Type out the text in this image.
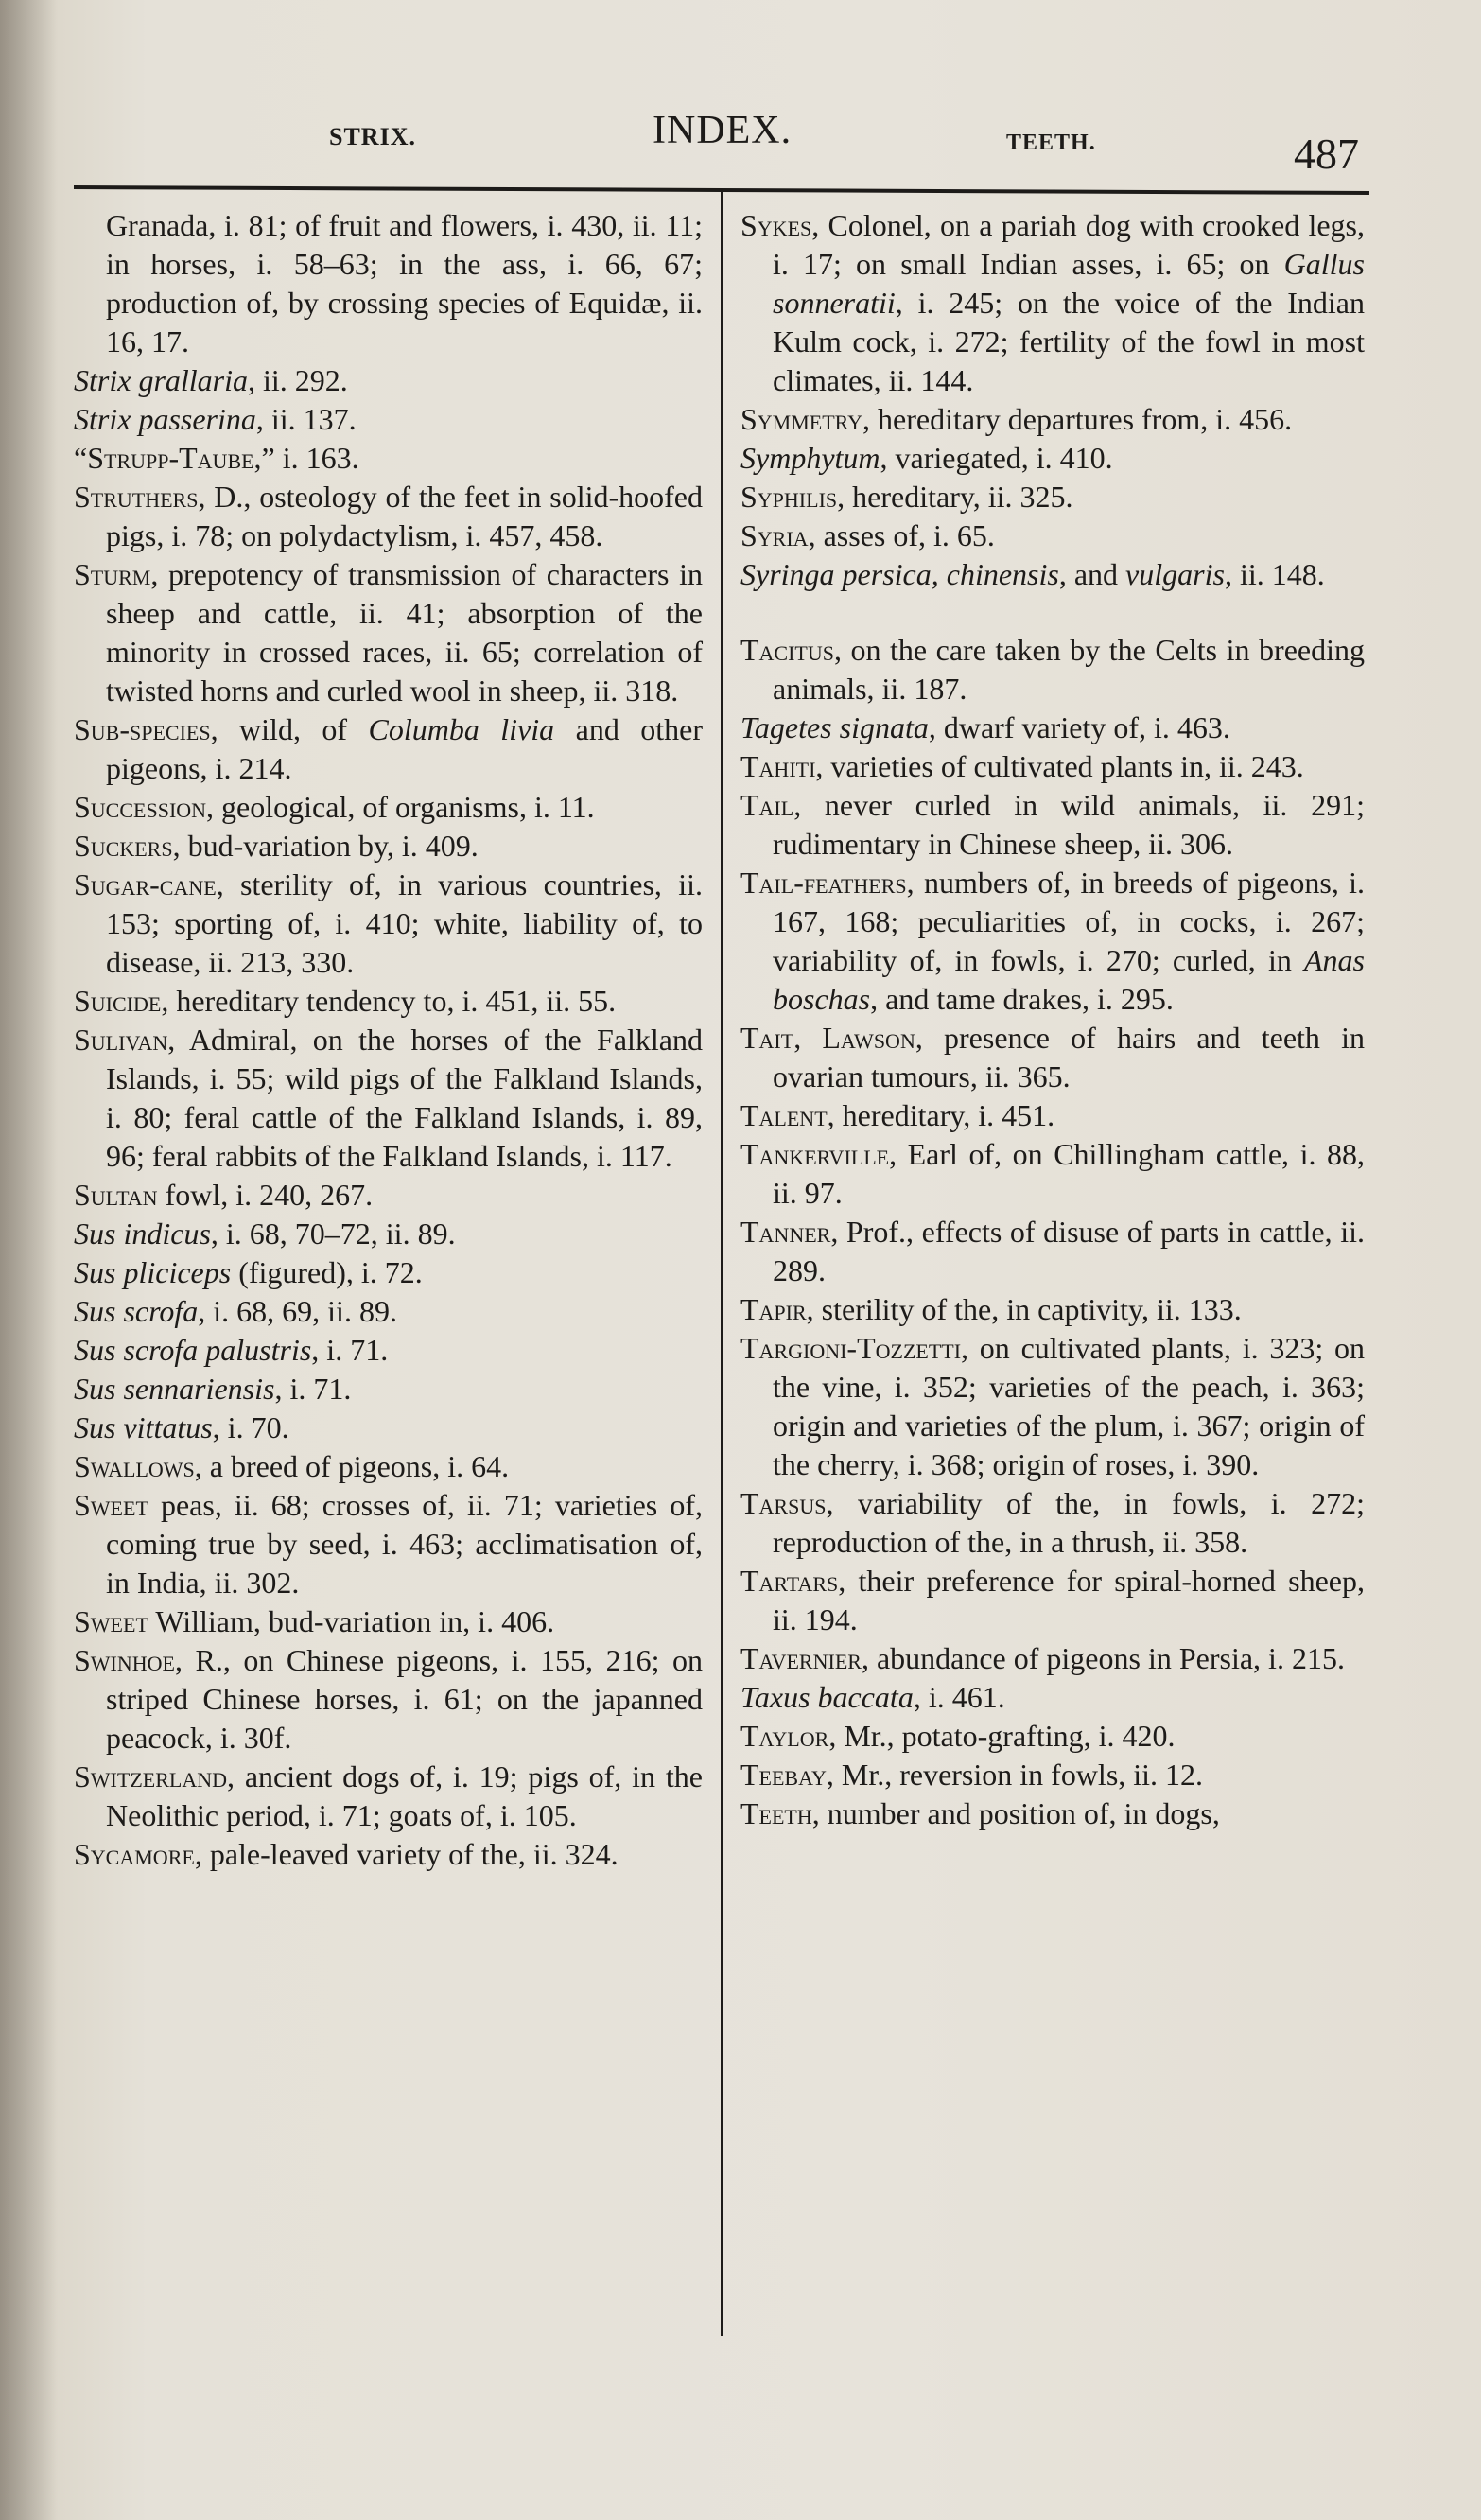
STRIX.	INDEX.	TEETH.	487

Granada, i. 81; of fruit and flowers, i. 430, ii. 11; in horses, i. 58–63; in the ass, i. 66, 67; production of, by crossing species of Equidæ, ii. 16, 17.

Strix grallaria, ii. 292.

Strix passerina, ii. 137.

“Strupp-Taube,” i. 163.

Struthers, D., osteology of the feet in solid-hoofed pigs, i. 78; on polydactylism, i. 457, 458.

Sturm, prepotency of transmission of characters in sheep and cattle, ii. 41; absorption of the minority in crossed races, ii. 65; correlation of twisted horns and curled wool in sheep, ii. 318.

Sub-species, wild, of Columba livia and other pigeons, i. 214.

Succession, geological, of organisms, i. 11.

Suckers, bud-variation by, i. 409.

Sugar-cane, sterility of, in various countries, ii. 153; sporting of, i. 410; white, liability of, to disease, ii. 213, 330.

Suicide, hereditary tendency to, i. 451, ii. 55.

Sulivan, Admiral, on the horses of the Falkland Islands, i. 55; wild pigs of the Falkland Islands, i. 80; feral cattle of the Falkland Islands, i. 89, 96; feral rabbits of the Falkland Islands, i. 117.

Sultan fowl, i. 240, 267.

Sus indicus, i. 68, 70–72, ii. 89.

Sus pliciceps (figured), i. 72.

Sus scrofa, i. 68, 69, ii. 89.

Sus scrofa palustris, i. 71.

Sus sennariensis, i. 71.

Sus vittatus, i. 70.

Swallows, a breed of pigeons, i. 64.

Sweet peas, ii. 68; crosses of, ii. 71; varieties of, coming true by seed, i. 463; acclimatisation of, in India, ii. 302.

Sweet William, bud-variation in, i. 406.

Swinhoe, R., on Chinese pigeons, i. 155, 216; on striped Chinese horses, i. 61; on the japanned peacock, i. 30f.

Switzerland, ancient dogs of, i. 19; pigs of, in the Neolithic period, i. 71; goats of, i. 105.

Sycamore, pale-leaved variety of the, ii. 324.

Sykes, Colonel, on a pariah dog with crooked legs, i. 17; on small Indian asses, i. 65; on Gallus sonneratii, i. 245; on the voice of the Indian Kulm cock, i. 272; fertility of the fowl in most climates, ii. 144.

Symmetry, hereditary departures from, i. 456.

Symphytum, variegated, i. 410.

Syphilis, hereditary, ii. 325.

Syria, asses of, i. 65.

Syringa persica, chinensis, and vulgaris, ii. 148.

Tacitus, on the care taken by the Celts in breeding animals, ii. 187.

Tagetes signata, dwarf variety of, i. 463.

Tahiti, varieties of cultivated plants in, ii. 243.

Tail, never curled in wild animals, ii. 291; rudimentary in Chinese sheep, ii. 306.

Tail-feathers, numbers of, in breeds of pigeons, i. 167, 168; peculiarities of, in cocks, i. 267; variability of, in fowls, i. 270; curled, in Anas boschas, and tame drakes, i. 295.

Tait, Lawson, presence of hairs and teeth in ovarian tumours, ii. 365.

Talent, hereditary, i. 451.

Tankerville, Earl of, on Chillingham cattle, i. 88, ii. 97.

Tanner, Prof., effects of disuse of parts in cattle, ii. 289.

Tapir, sterility of the, in captivity, ii. 133.

Targioni-Tozzetti, on cultivated plants, i. 323; on the vine, i. 352; varieties of the peach, i. 363; origin and varieties of the plum, i. 367; origin of the cherry, i. 368; origin of roses, i. 390.

Tarsus, variability of the, in fowls, i. 272; reproduction of the, in a thrush, ii. 358.

Tartars, their preference for spiral-horned sheep, ii. 194.

Tavernier, abundance of pigeons in Persia, i. 215.

Taxus baccata, i. 461.

Taylor, Mr., potato-grafting, i. 420.

Teebay, Mr., reversion in fowls, ii. 12.

Teeth, number and position of, in dogs,
